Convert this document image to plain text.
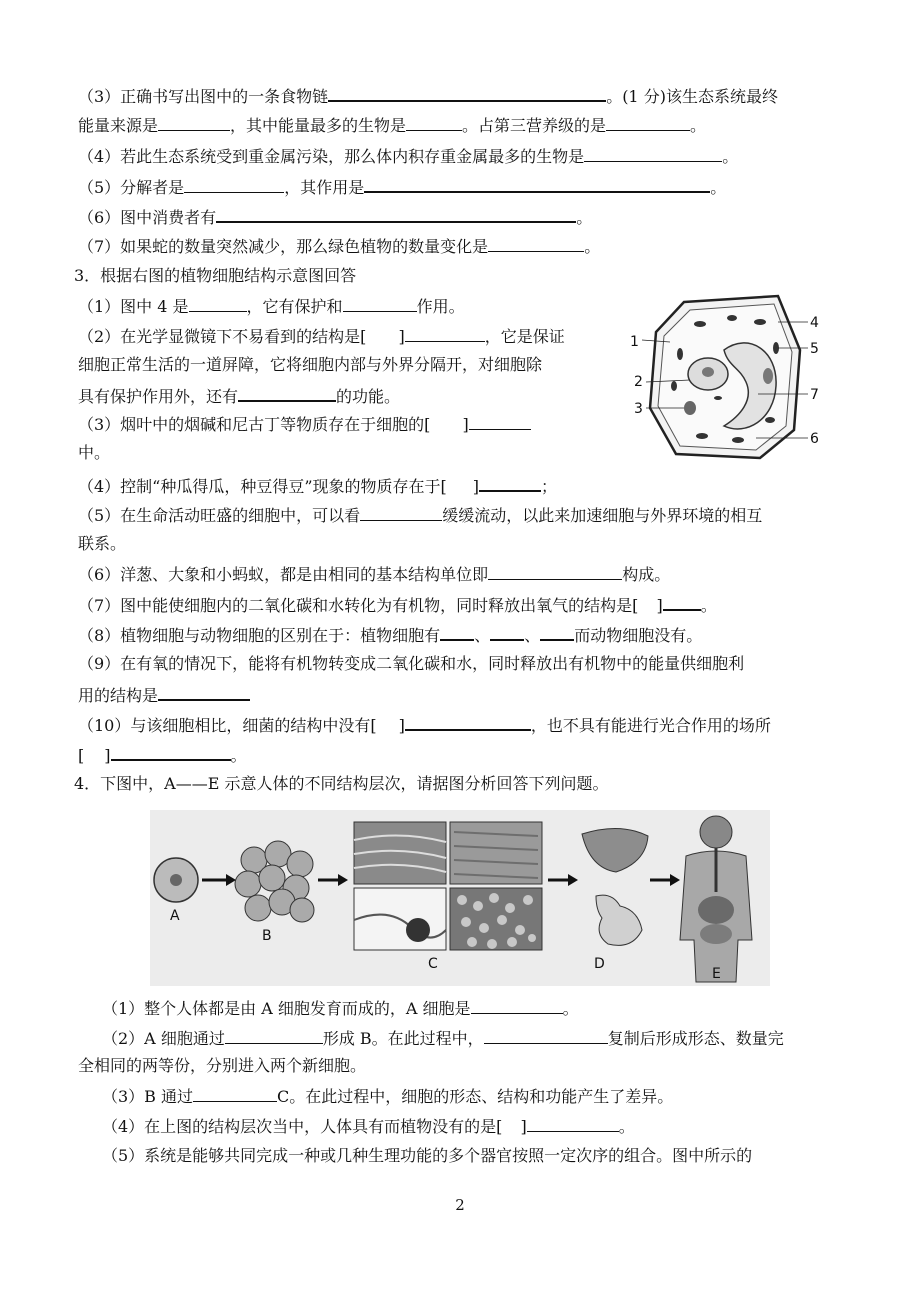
（3）正确书写出图中的一条食物链	。(1 分)该生态系统最终
能量来源是	，其中能量最多的生物是	。占第三营养级的是	。
（4）若此生态系统受到重金属污染，那么体内积存重金属最多的生物是	。
（5）分解者是	，其作用是	。
（6）图中消费者有	。
（7）如果蛇的数量突然减少，那么绿色植物的数量变化是	。
3．根据右图的植物细胞结构示意图回答
（1）图中 4 是	，它有保护和	作用。
（2）在光学显微镜下不易看到的结构是[ ]	，它是保证
细胞正常生活的一道屏障，它将细胞内部与外界分隔开，对细胞除
具有保护作用外，还有	的功能。
（3）烟叶中的烟碱和尼古丁等物质存在于细胞的[ ]
中。
（4）控制“种瓜得瓜，种豆得豆”现象的物质存在于[ ]	；
（5）在生命活动旺盛的细胞中，可以看	缓缓流动，以此来加速细胞与外界环境的相互
联系。
（6）洋葱、大象和小蚂蚁，都是由相同的基本结构单位即	构成。
（7）图中能使细胞内的二氧化碳和水转化为有机物，同时释放出氧气的结构是[ ] 。
（8）植物细胞与动物细胞的区别在于：植物细胞有 、 、 而动物细胞没有。
（9）在有氧的情况下，能将有机物转变成二氧化碳和水，同时释放出有机物中的能量供细胞利
用的结构是
（10）与该细胞相比，细菌的结构中没有[ ]	，也不具有能进行光合作用的场所
[ ]	。
1
2
3
4
5
6
7
4．下图中，A——E 示意人体的不同结构层次，请据图分析回答下列问题。
A
B
C	D
E
（1）整个人体都是由 A 细胞发育而成的，A 细胞是	。
（2）A 细胞通过	形成 B。在此过程中，	复制后形成形态、数量完
全相同的两等份，分别进入两个新细胞。
（3）B 通过	C。在此过程中，细胞的形态、结构和功能产生了差异。
（4）在上图的结构层次当中，人体具有而植物没有的是[ ]	。
（5）系统是能够共同完成一种或几种生理功能的多个器官按照一定次序的组合。图中所示的
2
